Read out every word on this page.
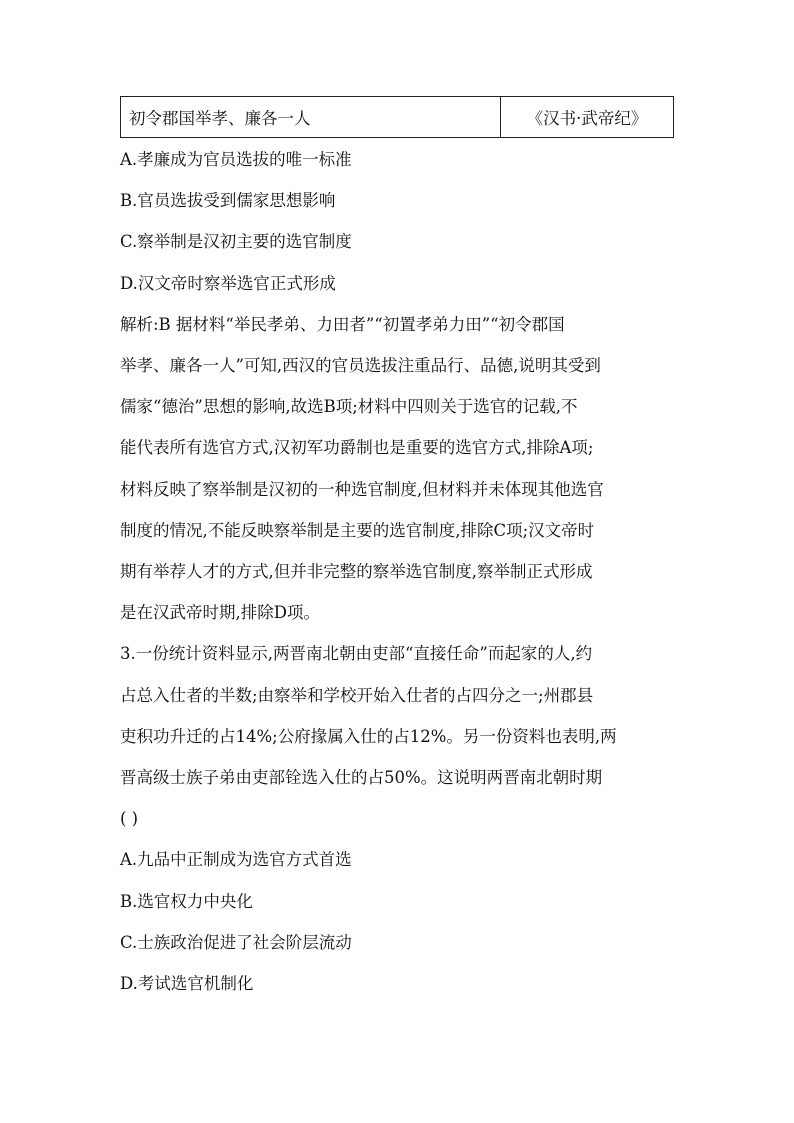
初令郡国举孝、廉各一人	《汉书·武帝纪》
A.孝廉成为官员选拔的唯一标准
B.官员选拔受到儒家思想影响
C.察举制是汉初主要的选官制度
D.汉文帝时察举选官正式形成
解析:B 据材料“举民孝弟、力田者”“初置孝弟力田”“初令郡国
举孝、廉各一人”可知,西汉的官员选拔注重品行、品德,说明其受到
儒家“德治”思想的影响,故选B项;材料中四则关于选官的记载,不
能代表所有选官方式,汉初军功爵制也是重要的选官方式,排除A项;
材料反映了察举制是汉初的一种选官制度,但材料并未体现其他选官
制度的情况,不能反映察举制是主要的选官制度,排除C项;汉文帝时
期有举荐人才的方式,但并非完整的察举选官制度,察举制正式形成
是在汉武帝时期,排除D项。
3.一份统计资料显示,两晋南北朝由吏部“直接任命”而起家的人,约
占总入仕者的半数;由察举和学校开始入仕者的占四分之一;州郡县
吏积功升迁的占14%;公府掾属入仕的占12%。另一份资料也表明,两
晋高级士族子弟由吏部铨选入仕的占50%。这说明两晋南北朝时期
( )
A.九品中正制成为选官方式首选
B.选官权力中央化
C.士族政治促进了社会阶层流动
D.考试选官机制化
